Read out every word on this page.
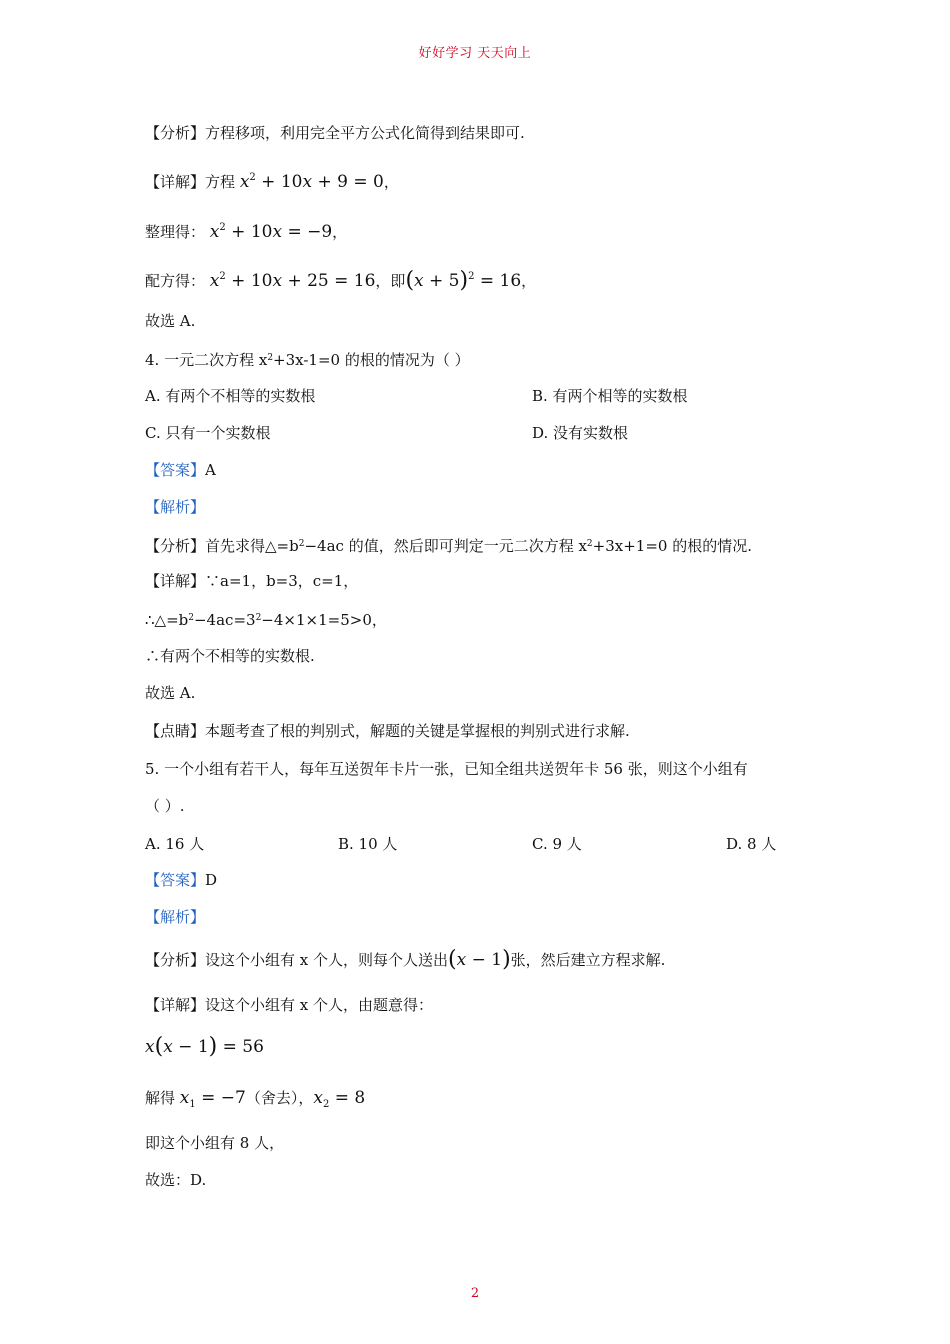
好好学习 天天向上
【分析】方程移项，利用完全平方公式化简得到结果即可.
【详解】方程 $x^2 + 10x + 9 = 0$，
整理得： $x^2 + 10x = -9$，
配方得： $x^2 + 10x + 25 = 16$，即$(x + 5)^2 = 16$，
故选 A.
4. 一元二次方程 $x^2+3x-1=0$ 的根的情况为（ ）
A. 有两个不相等的实数根	B. 有两个相等的实数根
C. 只有一个实数根	D. 没有实数根
【答案】A
【解析】
【分析】首先求得$\triangle=b^2-4ac$ 的值，然后即可判定一元二次方程 $x^2+3x+1=0$ 的根的情况.
【详解】∵a=1，b=3，c=1，
$\therefore\triangle=b^2-4ac=3^2-4\times 1\times 1=5>0$，
∴有两个不相等的实数根.
故选 A.
【点睛】本题考查了根的判别式，解题的关键是掌握根的判别式进行求解.
5. 一个小组有若干人，每年互送贺年卡片一张，已知全组共送贺年卡 56 张，则这个小组有
（ ）.
A. 16 人	B. 10 人	C. 9 人	D. 8 人
【答案】D
【解析】
【分析】设这个小组有 x 个人，则每个人送出(x − 1)张，然后建立方程求解.
【详解】设这个小组有 x 个人，由题意得：
x(x − 1) = 56
解得 $x_1 = -7$（舍去），$x_2 = 8$
即这个小组有 8 人，
故选：D.
2
